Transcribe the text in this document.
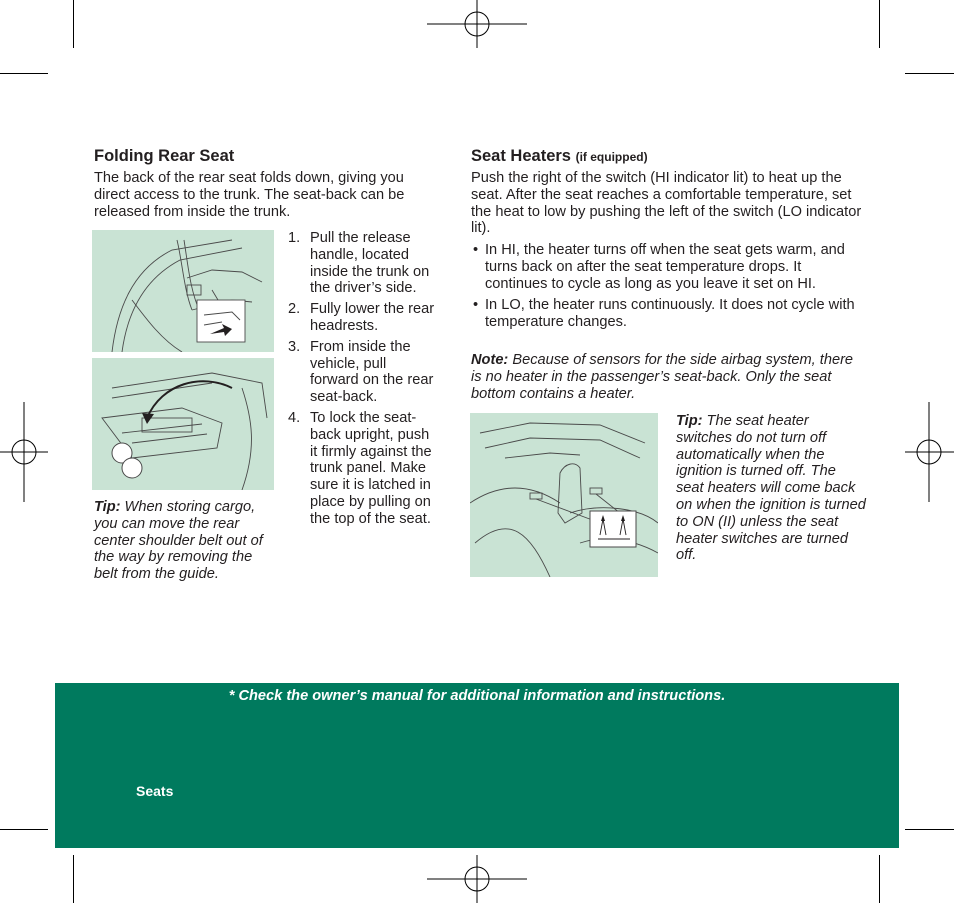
Folding Rear Seat

The back of the rear seat folds down, giving you direct access to the trunk. The seat-back can be released from inside the trunk.

1. Pull the release handle, located inside the trunk on the driver’s side.
2. Fully lower the rear headrests.
3. From inside the vehicle, pull forward on the rear seat-back.
4. To lock the seat-back upright, push it firmly against the trunk panel. Make sure it is latched in place by pulling on the top of the seat.

Tip: When storing cargo, you can move the rear center shoulder belt out of the way by removing the belt from the guide.

Seat Heaters (if equipped)

Push the right of the switch (HI indicator lit) to heat up the seat. After the seat reaches a comfortable temperature, set the heat to low by pushing the left of the switch (LO indicator lit).

• In HI, the heater turns off when the seat gets warm, and turns back on after the seat temperature drops. It continues to cycle as long as you leave it set on HI.
• In LO, the heater runs continuously. It does not cycle with temperature changes.

Note: Because of sensors for the side airbag system, there is no heater in the passenger’s seat-back. Only the seat bottom contains a heater.

Tip: The seat heater switches do not turn off automatically when the ignition is turned off. The seat heaters will come back on when the ignition is turned to ON (II) unless the seat heater switches are turned off.

* Check the owner’s manual for additional information and instructions.

Seats
